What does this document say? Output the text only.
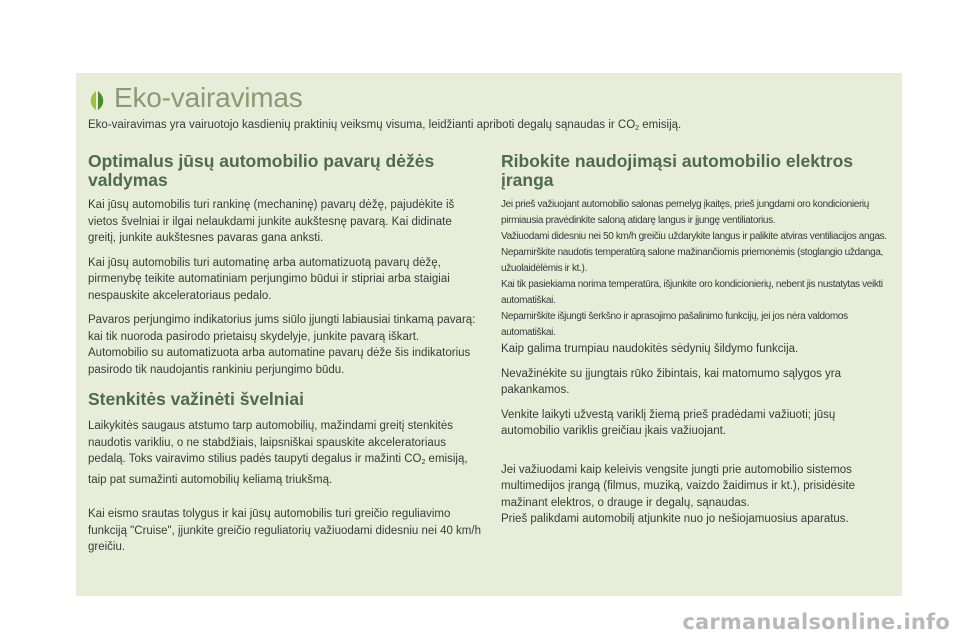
Eko-vairavimas
Eko-vairavimas yra vairuotojo kasdienių praktinių veiksmų visuma, leidžianti apriboti degalų sąnaudas ir $CO_2$ emisiją.
Optimalus jūsų automobilio pavarų dėžės valdymas

Kai jūsų automobilis turi rankinę (mechaninę) pavarų dėžę, pajudėkite iš vietos švelniai ir ilgai nelaukdami junkite aukštesnę pavarą. Kai didinate greitį, junkite aukštesnes pavaras gana anksti.

Kai jūsų automobilis turi automatinę arba automatizuotą pavarų dėžę, pirmenybę teikite automatiniam perjungimo būdui ir stipriai arba staigiai nespauskite akceleratoriaus pedalo.

Pavaros perjungimo indikatorius jums siūlo įjungti labiausiai tinkamą pavarą: kai tik nuoroda pasirodo prietaisų skydelyje, junkite pavarą iškart.

Automobilio su automatizuota arba automatine pavarų dėže šis indikatorius pasirodo tik naudojantis rankiniu perjungimo būdu.

Stenkitės važinėti švelniai

Laikykitės saugaus atstumo tarp automobilių, mažindami greitį stenkitės naudotis varikliu, o ne stabdžiais, laipsniškai spauskite akceleratoriaus pedalą. Toks vairavimo stilius padės taupyti degalus ir mažinti $CO_2$ emisiją, taip pat sumažinti automobilių keliamą triukšmą.

Kai eismo srautas tolygus ir kai jūsų automobilis turi greičio reguliavimo funkciją "Cruise", įjunkite greičio reguliatorių važiuodami didesniu nei 40 km/h greičiu.

Ribokite naudojimąsi automobilio elektros įranga
Jei prieš važiuojant automobilio salonas pernelyg įkaitęs, prieš jungdami oro kondicionierių pirmiausia pravėdinkite saloną atidarę langus ir įjungę ventiliatorius.
Važiuodami didesniu nei 50 km/h greičiu uždarykite langus ir palikite atviras ventiliacijos angas.
Nepamirškite naudotis temperatūrą salone mažinančiomis priemonėmis (stoglangio uždanga, užuolaidėlėmis ir kt.).
Kai tik pasiekiama norima temperatūra, išjunkite oro kondicionierių, nebent jis nustatytas veikti automatiškai.
Nepamirškite išjungti šerkšno ir aprasojimo pašalinimo funkcijų, jei jos nėra valdomos automatiškai.

Kaip galima trumpiau naudokitės sėdynių šildymo funkcija.

Nevažinėkite su įjungtais rūko žibintais, kai matomumo sąlygos yra pakankamos.

Venkite laikyti užvestą variklį žiemą prieš pradėdami važiuoti; jūsų automobilio variklis greičiau įkais važiuojant.

Jei važiuodami kaip keleivis vengsite jungti prie automobilio sistemos multimedijos įrangą (filmus, muziką, vaizdo žaidimus ir kt.), prisidėsite mažinant elektros, o drauge ir degalų, sąnaudas.

Prieš palikdami automobilį atjunkite nuo jo nešiojamuosius aparatus.

carmanualsonline.info
